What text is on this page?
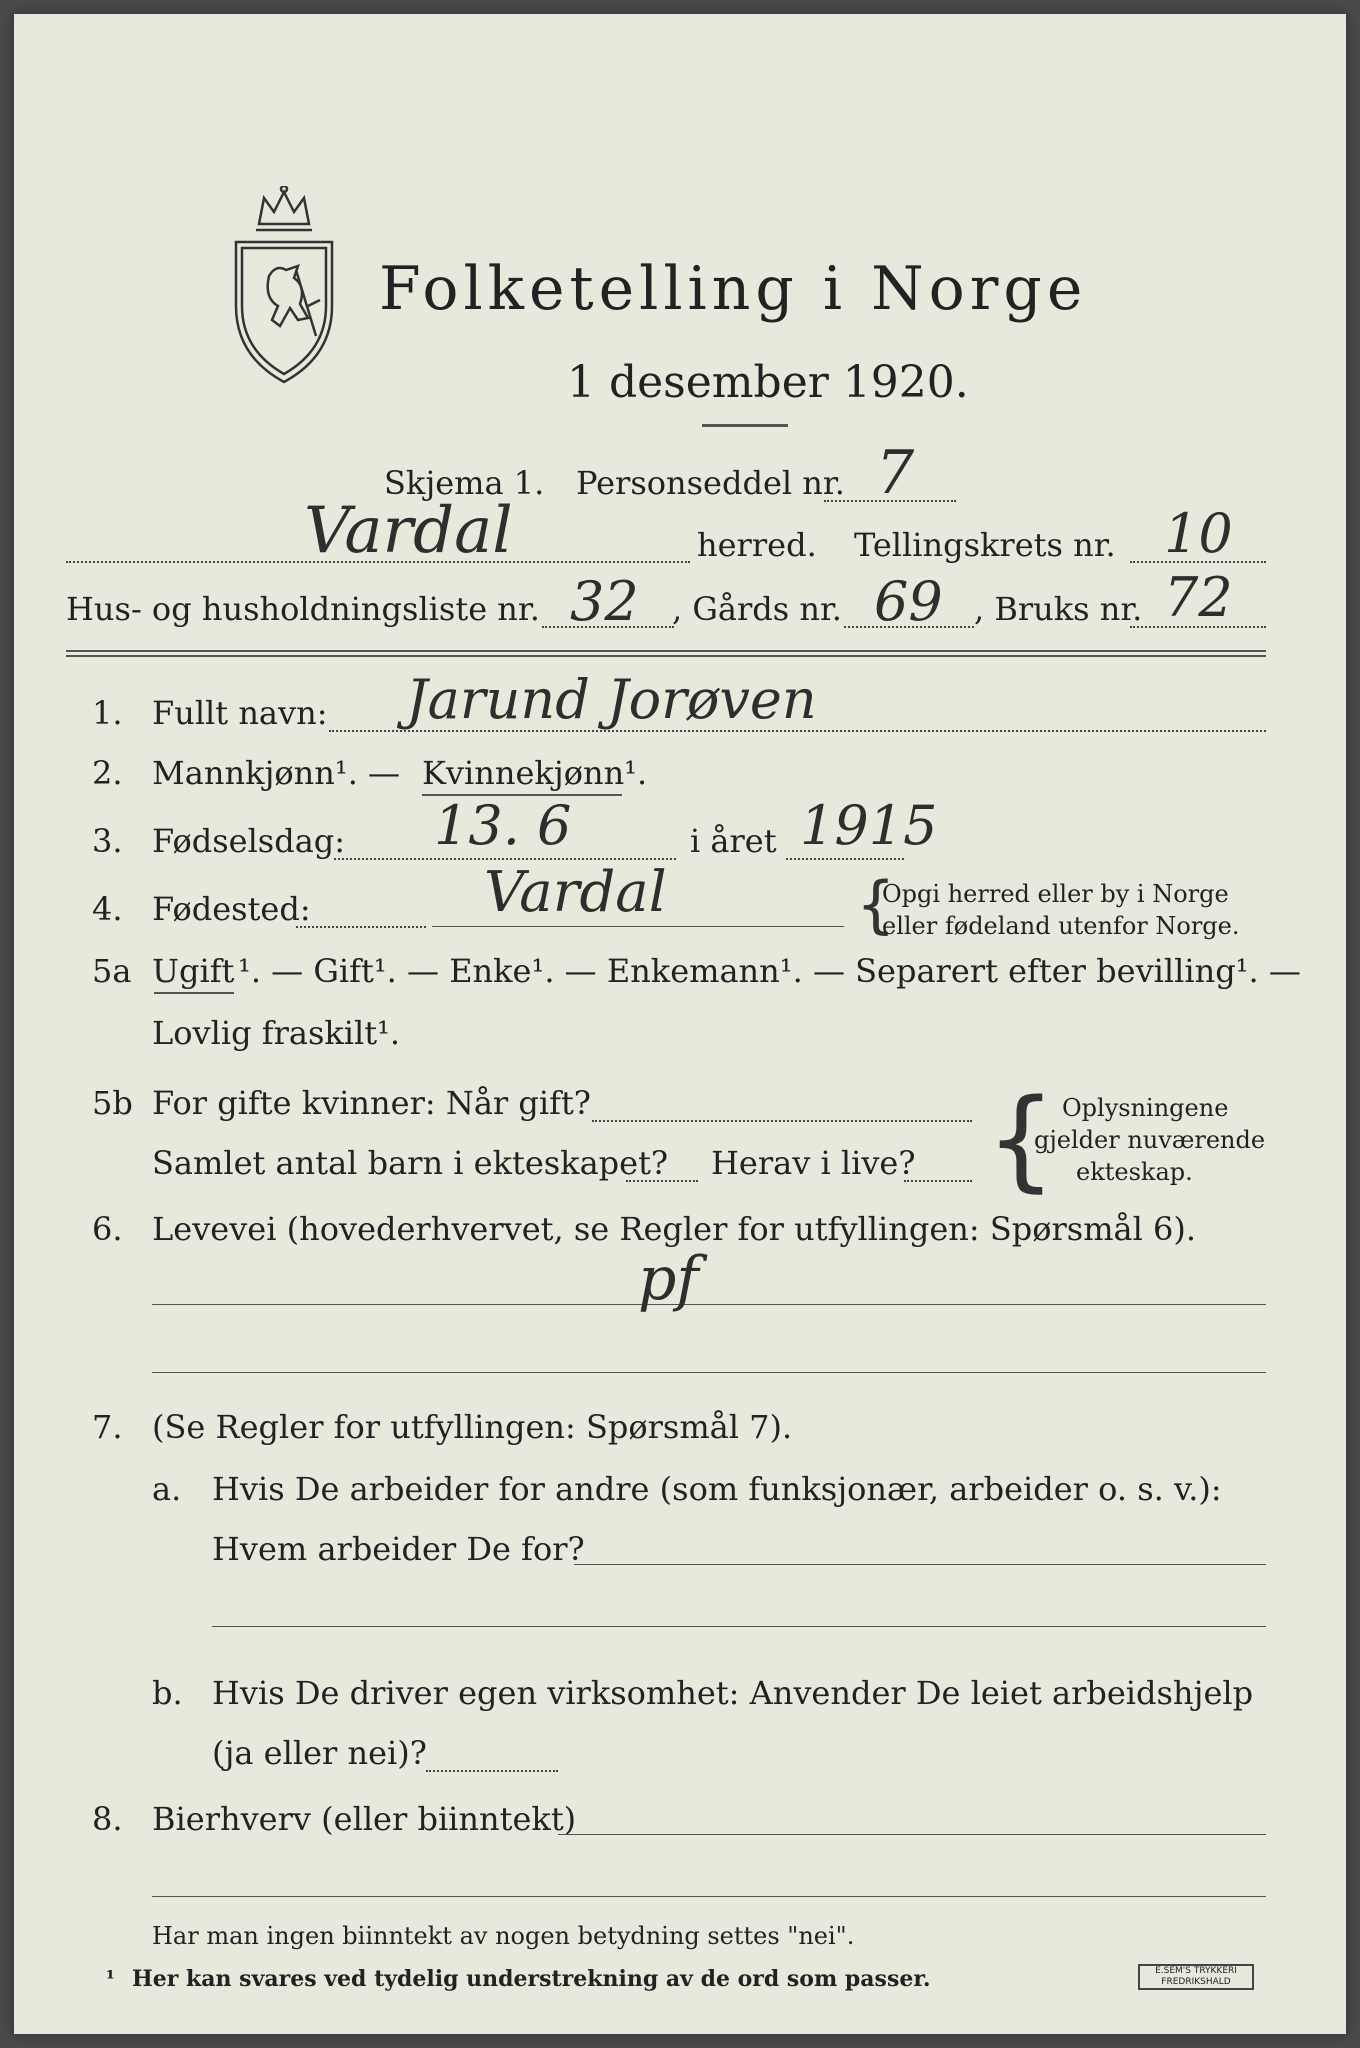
Folketelling i Norge
1 desember 1920.
Skjema 1. Personseddel nr. 7
Vardal	herred. Tellingskrets nr. 10
Hus- og husholdningsliste nr. 32 , Gårds nr. 69 , Bruks nr. 72
1. Fullt navn: Jarund Jorøven
2. Mannkjønn¹. — Kvinnekjønn¹.
3. Fødselsdag: 13. 6	i året 1915
4. Fødested:	Vardal	{
Opgi herred eller by i Norge
eller fødeland utenfor Norge.
5a Ugift ¹. — Gift¹. — Enke¹. — Enkemann¹. — Separert efter bevilling¹. —
Lovlig fraskilt¹.
5b For gifte kvinner: Når gift?
Samlet antal barn i ekteskapet? Herav i live? { Oplysningene
gjelder nuværende
ekteskap.
6. Levevei (hovederhvervet, se Regler for utfyllingen: Spørsmål 6).
pf
7. (Se Regler for utfyllingen: Spørsmål 7).
a. Hvis De arbeider for andre (som funksjonær, arbeider o. s. v.):
Hvem arbeider De for?
b. Hvis De driver egen virksomhet: Anvender De leiet arbeidshjelp
(ja eller nei)?
8. Bierhverv (eller biinntekt)
Har man ingen biinntekt av nogen betydning settes "nei".
¹ Her kan svares ved tydelig understrekning av de ord som passer.	E.SEM'S TRYKKERI
FREDRIKSHALD
